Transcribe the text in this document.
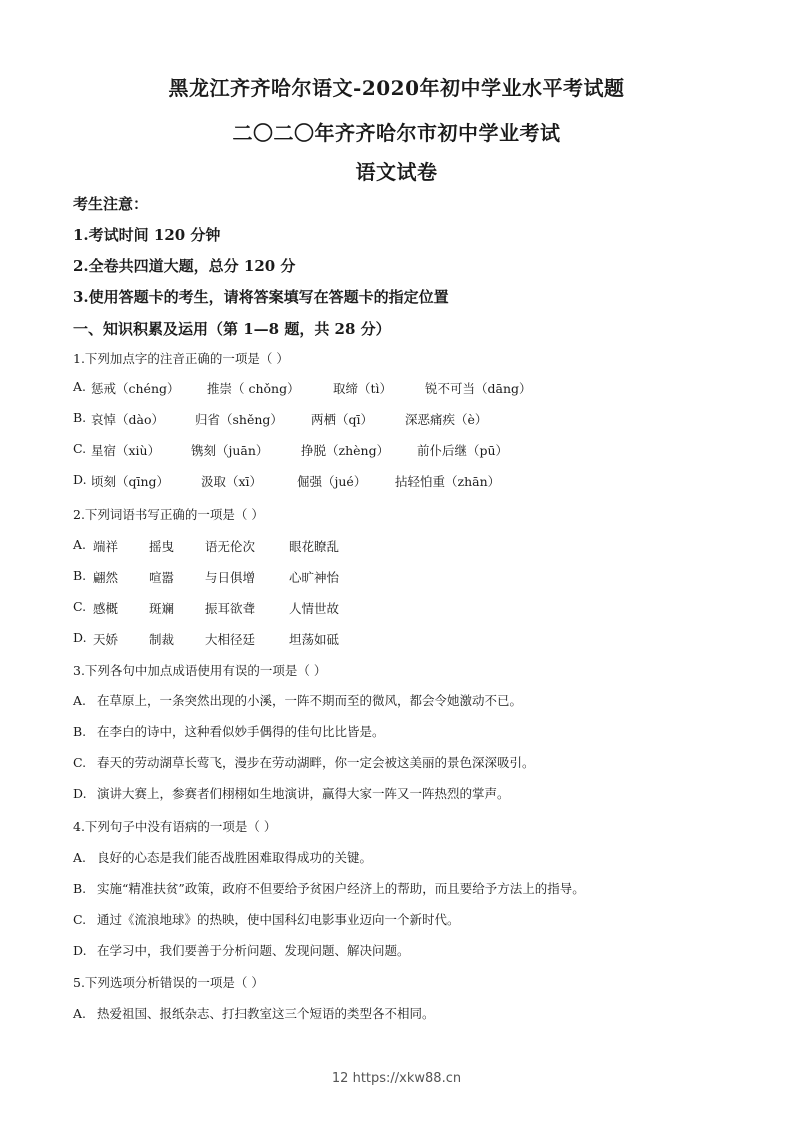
黑龙江齐齐哈尔语文-2020年初中学业水平考试题
二〇二〇年齐齐哈尔市初中学业考试
语文试卷
考生注意：
1.考试时间 120 分钟
2.全卷共四道大题，总分 120 分
3.使用答题卡的考生，请将答案填写在答题卡的指定位置
一、知识积累及运用（第 1—8 题，共 28 分）
1.下列加点字的注音正确的一项是（ ）
A. 惩戒（chéng） 推崇（ chǒng）	取缔（tì）	锐不可当（dāng）
B. 哀悼（dào） 归省（shěng） 两栖（qī）	深恶痛疾（è）
C. 星宿（xiù） 镌刻（juān）	挣脱（zhèng） 前仆后继（pū）
D. 顷刻（qīng）	汲取（xī）	倔强（jué） 拈轻怕重（zhān）
2.下列词语书写正确的一项是（ ）
A. 端祥 摇曳 语无伦次	眼花瞭乱
B. 翩然 喧嚣 与日俱增	心旷神怡
C. 感概 斑斓 振耳欲聋	人情世故
D. 天娇 制裁 大相径廷	坦荡如砥
3.下列各句中加点成语使用有误的一项是（ ）
A. 在草原上，一条突然出现的小溪，一阵不期而至的微风，都会令她激动不已。
B. 在李白的诗中，这种看似妙手偶得的佳句比比皆是。
C. 春天的劳动湖草长莺飞，漫步在劳动湖畔，你一定会被这美丽的景色深深吸引。
D. 演讲大赛上，参赛者们栩栩如生地演讲，赢得大家一阵又一阵热烈的掌声。
4.下列句子中没有语病的一项是（ ）
A. 良好的心态是我们能否战胜困难取得成功的关键。
B. 实施“精准扶贫”政策，政府不但要给予贫困户经济上的帮助，而且要给予方法上的指导。
C. 通过《流浪地球》的热映，使中国科幻电影事业迈向一个新时代。
D. 在学习中，我们要善于分析问题、发现问题、解决问题。
5.下列选项分析错误的一项是（ ）
A. 热爱祖国、报纸杂志、打扫教室这三个短语的类型各不相同。
12 https://xkw88.cn
